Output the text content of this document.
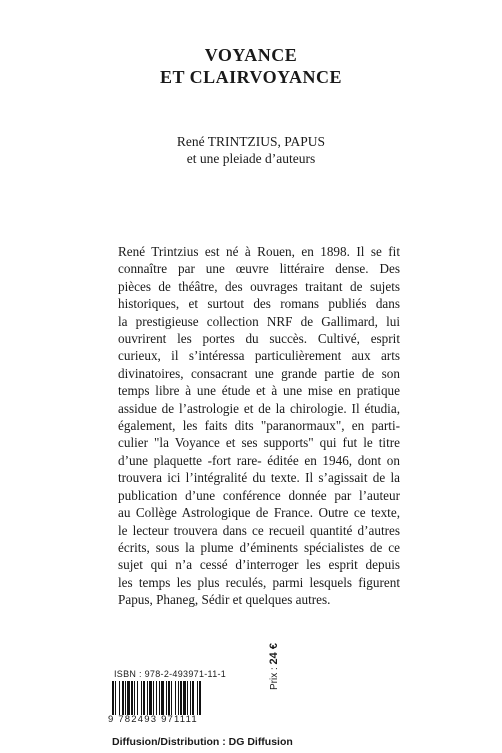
VOYANCE
ET CLAIRVOYANCE
René TRINTZIUS, PAPUS
et une pleiade d’auteurs
René Trintzius est né à Rouen, en 1898. Il se fit
connaître par une œuvre littéraire dense. Des
pièces de théâtre, des ouvrages traitant de sujets
historiques, et surtout des romans publiés dans
la prestigieuse collection NRF de Gallimard, lui
ouvrirent les portes du succès. Cultivé, esprit
curieux, il s’intéressa particulièrement aux arts
divinatoires, consacrant une grande partie de son
temps libre à une étude et à une mise en pratique
assidue de l’astrologie et de la chirologie. Il étudia,
également, les faits dits "paranormaux", en parti-
culier "la Voyance et ses supports" qui fut le titre
d’une plaquette -fort rare- éditée en 1946, dont on
trouvera ici l’intégralité du texte. Il s’agissait de la
publication d’une conférence donnée par l’auteur
au Collège Astrologique de France. Outre ce texte,
le lecteur trouvera dans ce recueil quantité d’autres
écrits, sous la plume d’éminents spécialistes de ce
sujet qui n’a cessé d’interroger les esprit depuis
les temps les plus reculés, parmi lesquels figurent
Papus, Phaneg, Sédir et quelques autres.
ISBN : 978-2-493971-11-1
9 782493 971111
Prix : 24 €
Diffusion/Distribution : DG Diffusion
